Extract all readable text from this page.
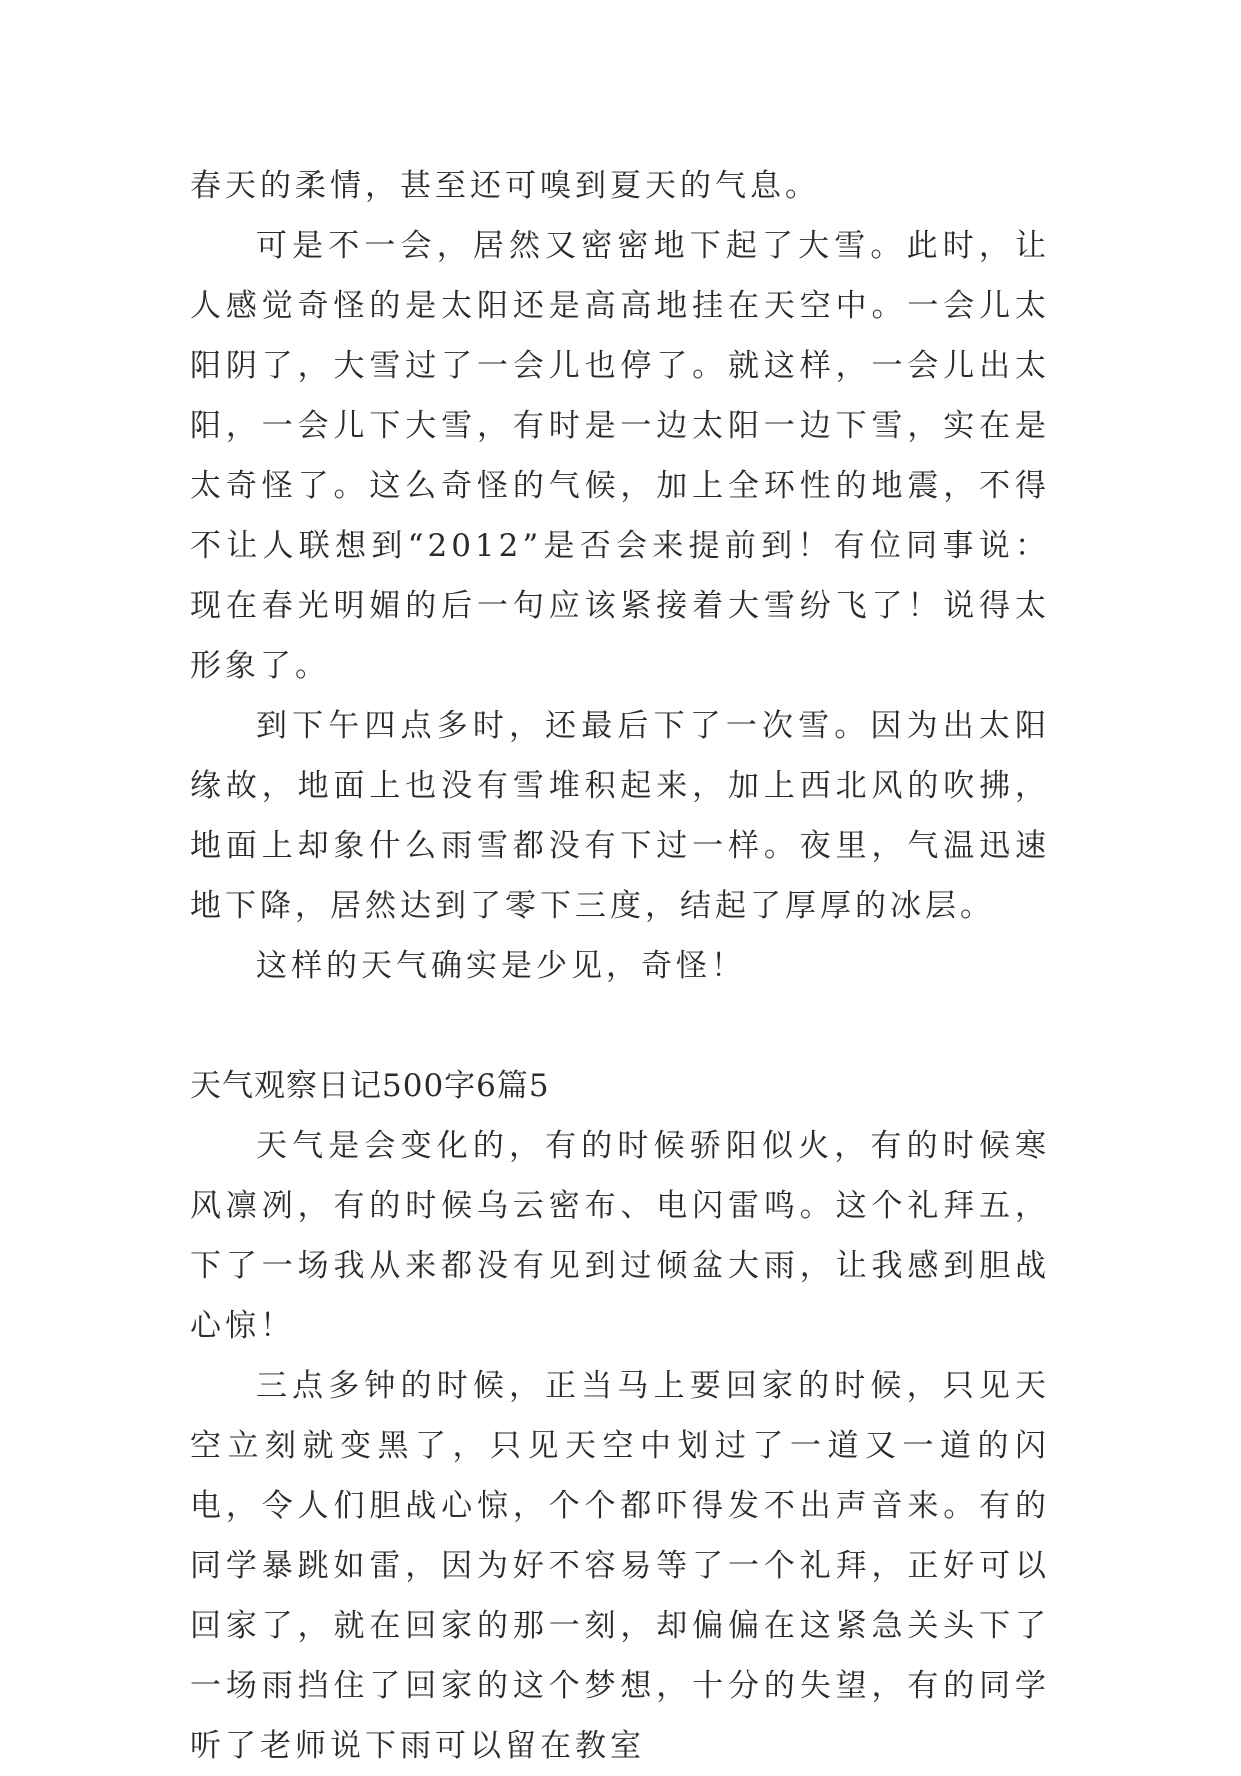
春天的柔情，甚至还可嗅到夏天的气息。

可是不一会，居然又密密地下起了大雪。此时，让人感觉奇怪的是太阳还是高高地挂在天空中。一会儿太阳阴了，大雪过了一会儿也停了。就这样，一会儿出太阳，一会儿下大雪，有时是一边太阳一边下雪，实在是太奇怪了。这么奇怪的气候，加上全环性的地震，不得不让人联想到“2012”是否会来提前到！有位同事说：现在春光明媚的后一句应该紧接着大雪纷飞了！说得太形象了。

到下午四点多时，还最后下了一次雪。因为出太阳缘故，地面上也没有雪堆积起来，加上西北风的吹拂，地面上却象什么雨雪都没有下过一样。夜里，气温迅速地下降，居然达到了零下三度，结起了厚厚的冰层。

这样的天气确实是少见，奇怪！

天气观察日记500字6篇5

天气是会变化的，有的时候骄阳似火，有的时候寒风凛冽，有的时候乌云密布、电闪雷鸣。这个礼拜五，下了一场我从来都没有见到过倾盆大雨，让我感到胆战心惊！

三点多钟的时候，正当马上要回家的时候，只见天空立刻就变黑了，只见天空中划过了一道又一道的闪电，令人们胆战心惊，个个都吓得发不出声音来。有的同学暴跳如雷，因为好不容易等了一个礼拜，正好可以回家了，就在回家的那一刻，却偏偏在这紧急关头下了一场雨挡住了回家的这个梦想，十分的失望，有的同学听了老师说下雨可以留在教室
